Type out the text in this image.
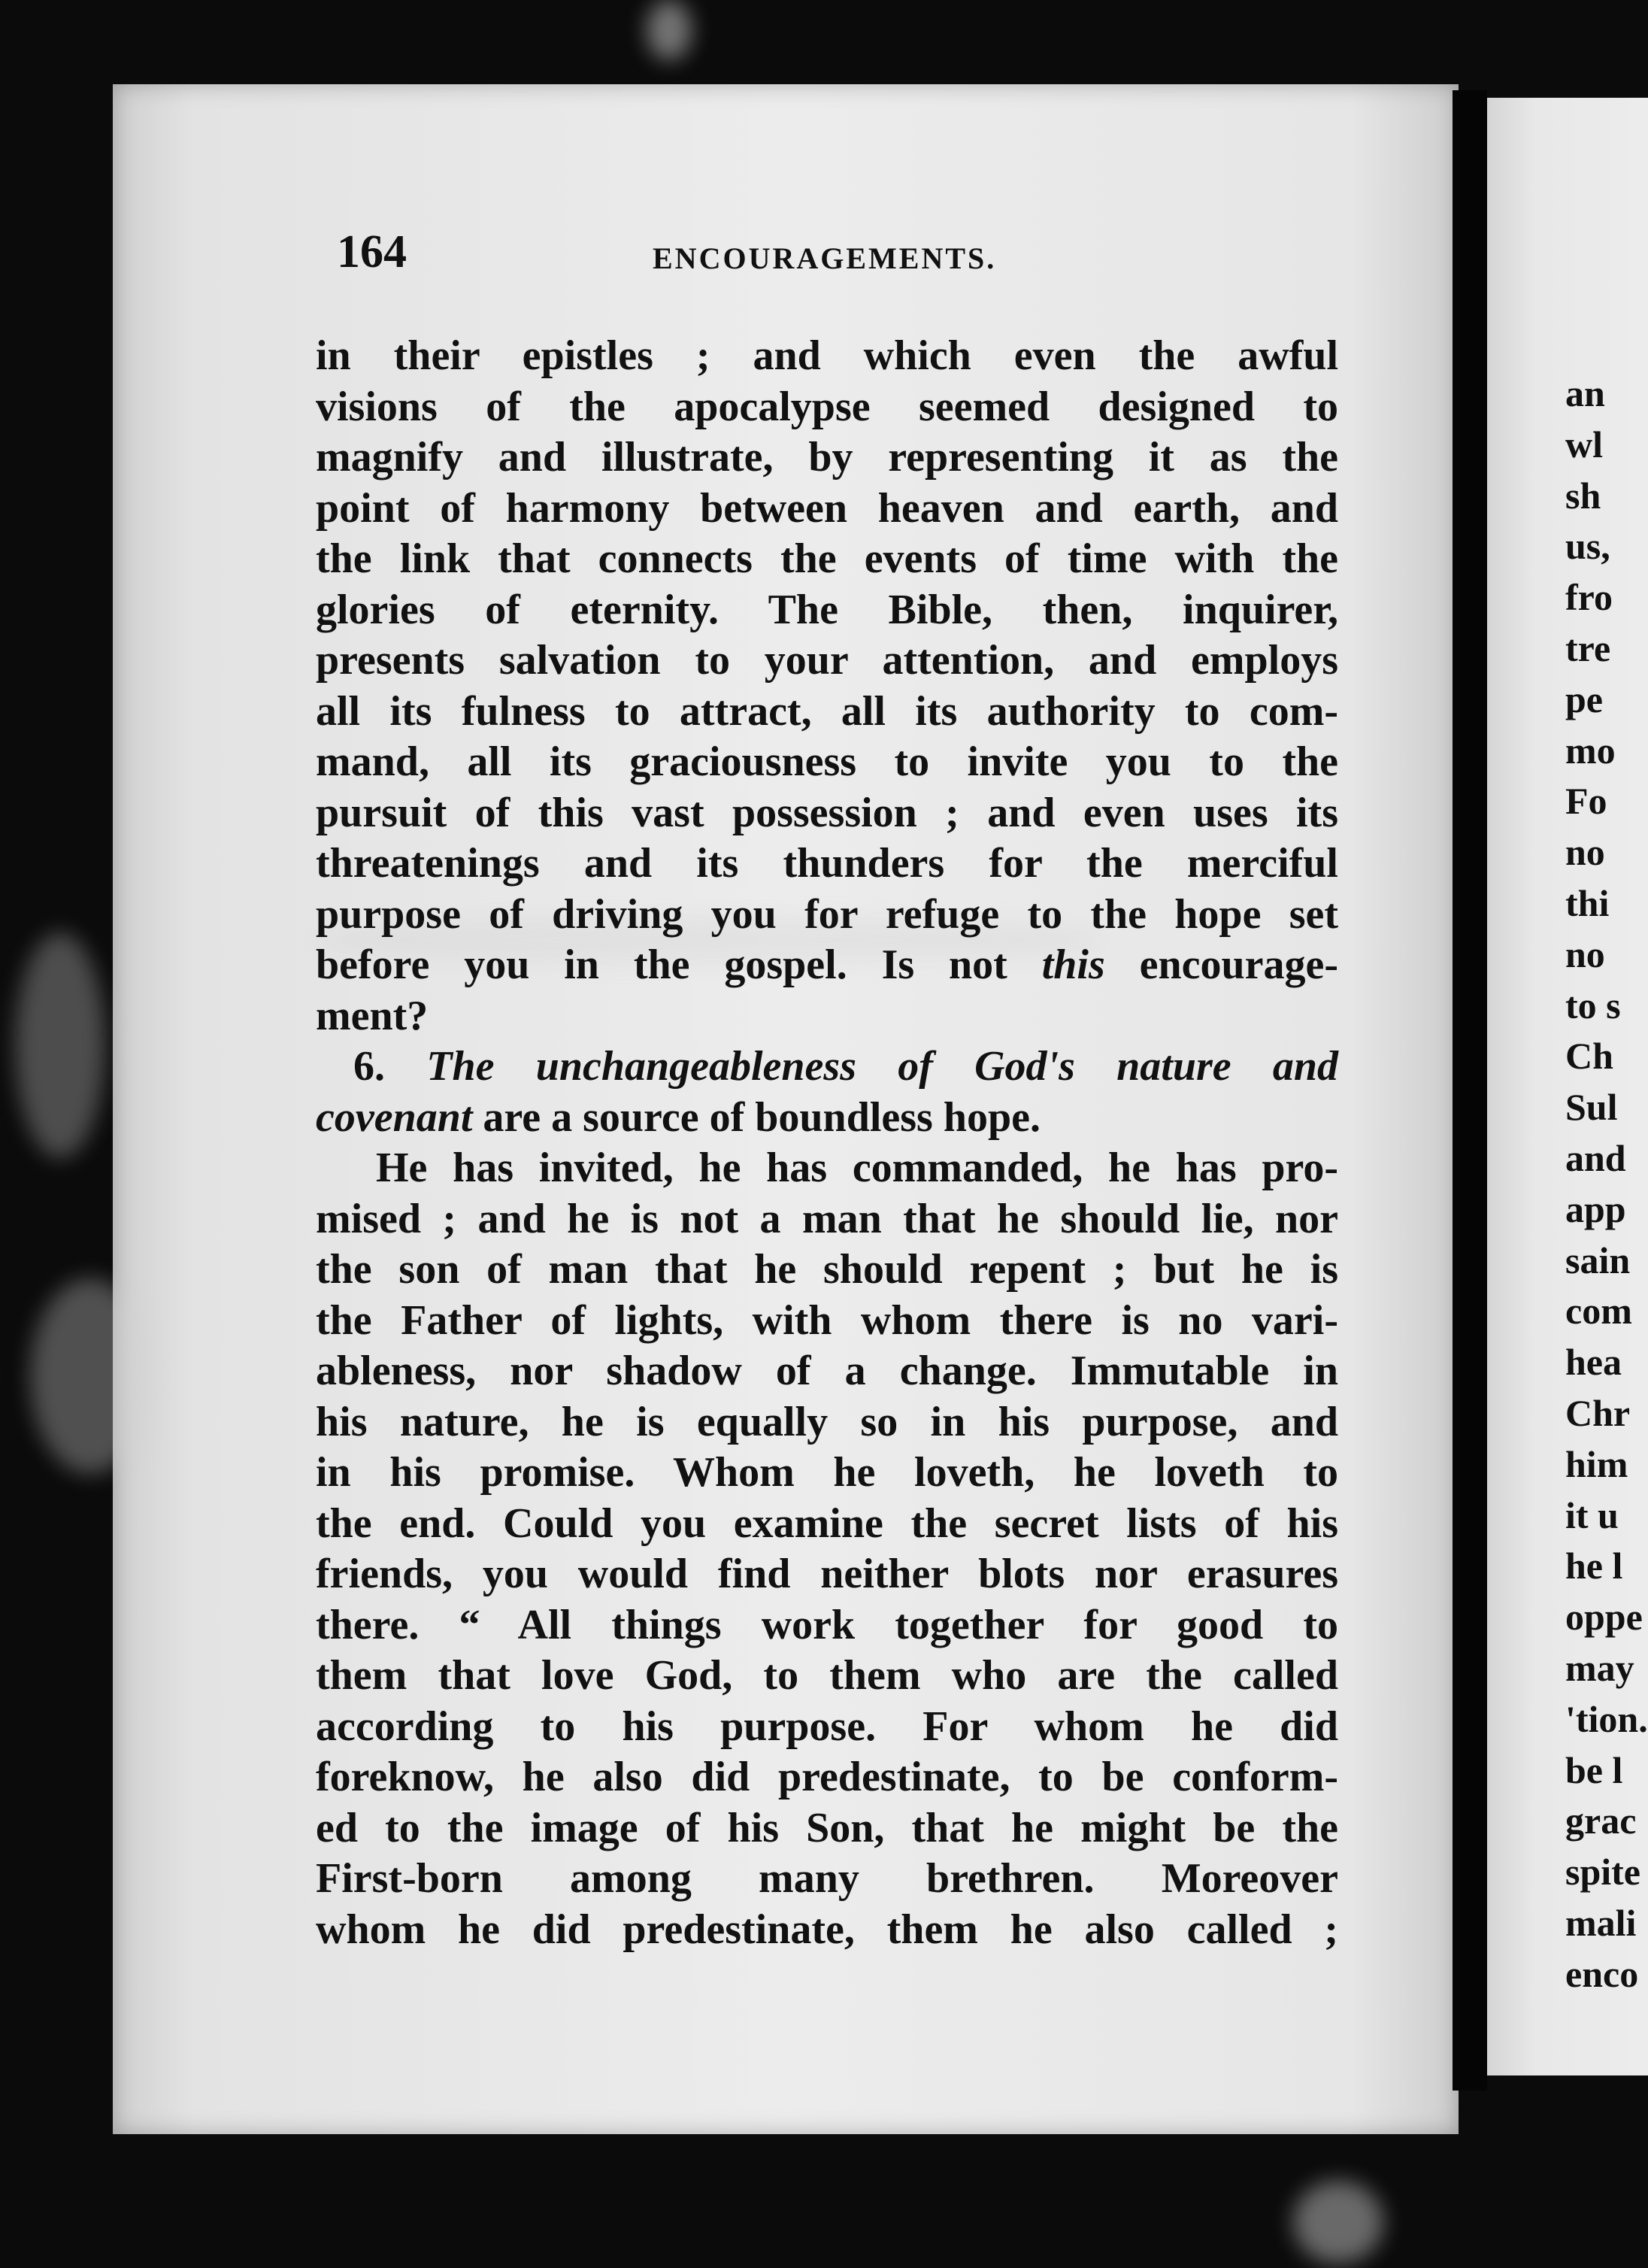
164	ENCOURAGEMENTS.
in their epistles ; and which even the awful
visions of the apocalypse seemed designed to
magnify and illustrate, by representing it as the
point of harmony between heaven and earth, and
the link that connects the events of time with the
glories of eternity. The Bible, then, inquirer,
presents salvation to your attention, and employs
all its fulness to attract, all its authority to com-
mand, all its graciousness to invite you to the
pursuit of this vast possession ; and even uses its
threatenings and its thunders for the merciful
purpose of driving you for refuge to the hope set
before you in the gospel. Is not this encourage-
ment?
6. The unchangeableness of God's nature and
covenant are a source of boundless hope.
He has invited, he has commanded, he has pro-
mised ; and he is not a man that he should lie, nor
the son of man that he should repent ; but he is
the Father of lights, with whom there is no vari-
ableness, nor shadow of a change. Immutable in
his nature, he is equally so in his purpose, and
in his promise. Whom he loveth, he loveth to
the end. Could you examine the secret lists of his
friends, you would find neither blots nor erasures
there. “ All things work together for good to
them that love God, to them who are the called
according to his purpose. For whom he did
foreknow, he also did predestinate, to be conform-
ed to the image of his Son, that he might be the
First-born among many brethren. Moreover
whom he did predestinate, them he also called ;
an
wl
sh
us,
fro
tre
pe
mo
Fo
no
thi
no
to s
Ch
Sul
and
app
sain
com
hea
Chr
him
it u
he l
oppe
may
'tion.
be l
grac
spite
mali
enco
